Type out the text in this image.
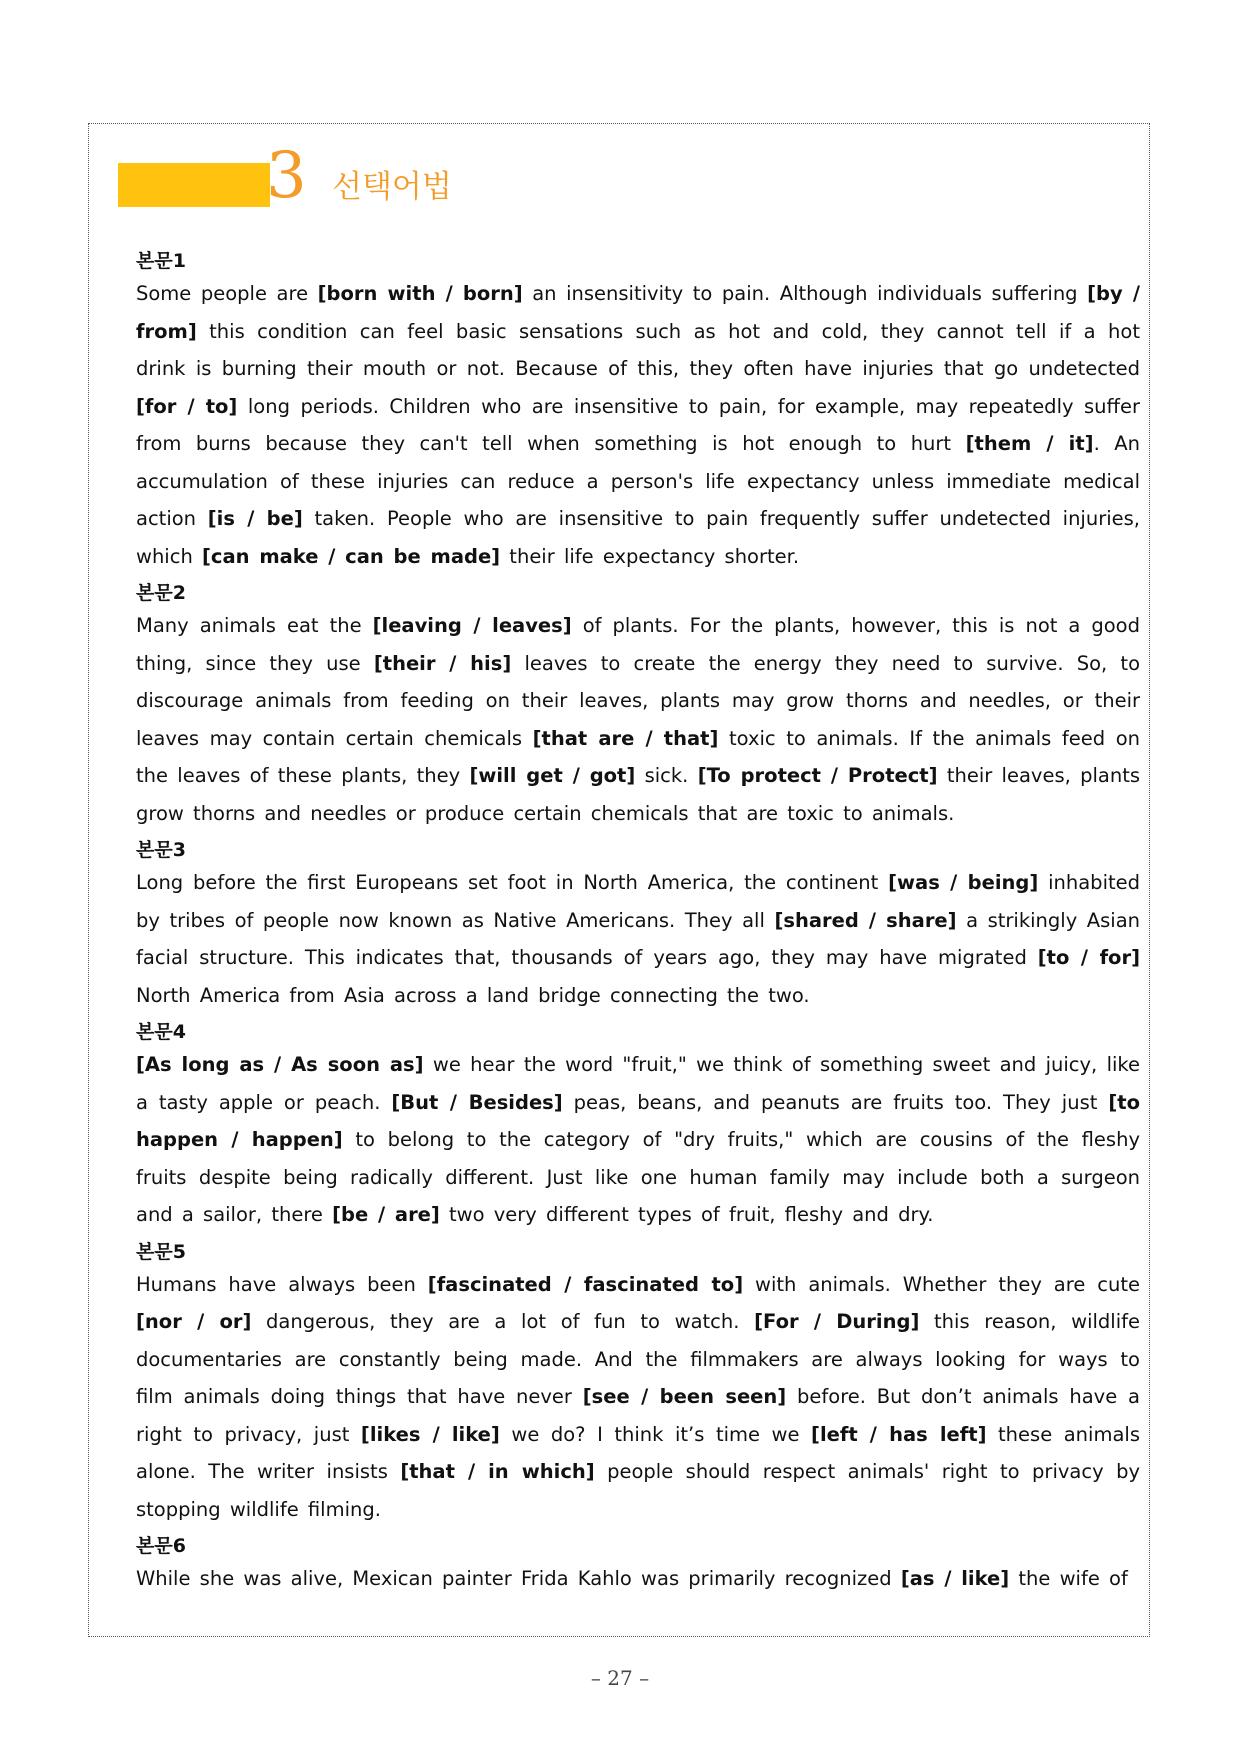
3 선택어법

본문1

Some people are [born with / born] an insensitivity to pain. Although individuals suffering [by / from] this condition can feel basic sensations such as hot and cold, they cannot tell if a hot drink is burning their mouth or not. Because of this, they often have injuries that go undetected [for / to] long periods. Children who are insensitive to pain, for example, may repeatedly suffer from burns because they can't tell when something is hot enough to hurt [them / it]. An accumulation of these injuries can reduce a person's life expectancy unless immediate medical action [is / be] taken. People who are insensitive to pain frequently suffer undetected injuries, which [can make / can be made] their life expectancy shorter.

본문2

Many animals eat the [leaving / leaves] of plants. For the plants, however, this is not a good thing, since they use [their / his] leaves to create the energy they need to survive. So, to discourage animals from feeding on their leaves, plants may grow thorns and needles, or their leaves may contain certain chemicals [that are / that] toxic to animals. If the animals feed on the leaves of these plants, they [will get / got] sick. [To protect / Protect] their leaves, plants grow thorns and needles or produce certain chemicals that are toxic to animals.

본문3

Long before the first Europeans set foot in North America, the continent [was / being] inhabited by tribes of people now known as Native Americans. They all [shared / share] a strikingly Asian facial structure. This indicates that, thousands of years ago, they may have migrated [to / for] North America from Asia across a land bridge connecting the two.

본문4

[As long as / As soon as] we hear the word "fruit," we think of something sweet and juicy, like a tasty apple or peach. [But / Besides] peas, beans, and peanuts are fruits too. They just [to happen / happen] to belong to the category of "dry fruits," which are cousins of the fleshy fruits despite being radically different. Just like one human family may include both a surgeon and a sailor, there [be / are] two very different types of fruit, fleshy and dry.

본문5

Humans have always been [fascinated / fascinated to] with animals. Whether they are cute [nor / or] dangerous, they are a lot of fun to watch. [For / During] this reason, wildlife documentaries are constantly being made. And the filmmakers are always looking for ways to film animals doing things that have never [see / been seen] before. But don’t animals have a right to privacy, just [likes / like] we do? I think it’s time we [left / has left] these animals alone. The writer insists [that / in which] people should respect animals' right to privacy by stopping wildlife filming.

본문6

While she was alive, Mexican painter Frida Kahlo was primarily recognized [as / like] the wife of

– 27 –
